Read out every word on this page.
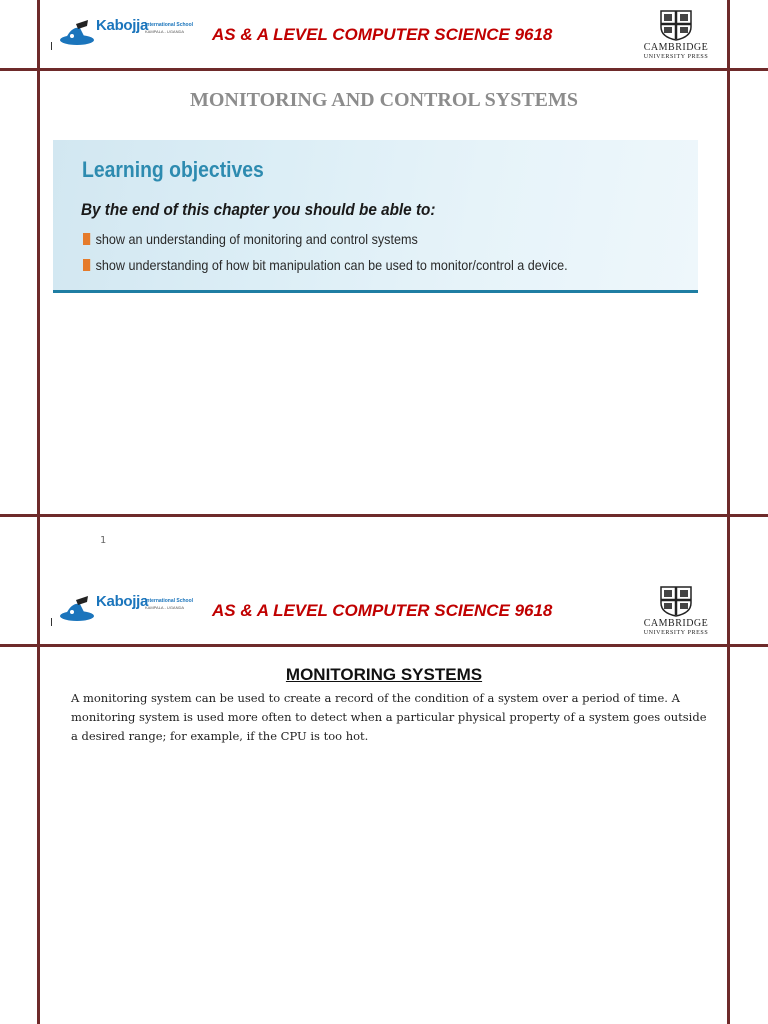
Kabojja
International School
KAMPALA - UGANDA AS & A LEVEL COMPUTER SCIENCE 9618
CAMBRIDGE
UNIVERSITY PRESS
MONITORING AND CONTROL SYSTEMS
Learning objectives
By the end of this chapter you should be able to:
show an understanding of monitoring and control systems
show understanding of how bit manipulation can be used to monitor/control a device.
1
Kabojja
International School
KAMPALA - UGANDA AS & A LEVEL COMPUTER SCIENCE 9618
CAMBRIDGE
UNIVERSITY PRESS
MONITORING SYSTEMS
A monitoring system can be used to create a record of the condition of a system over a period of time. A monitoring system is used more often to detect when a particular physical property of a system goes outside a desired range; for example, if the CPU is too hot.
